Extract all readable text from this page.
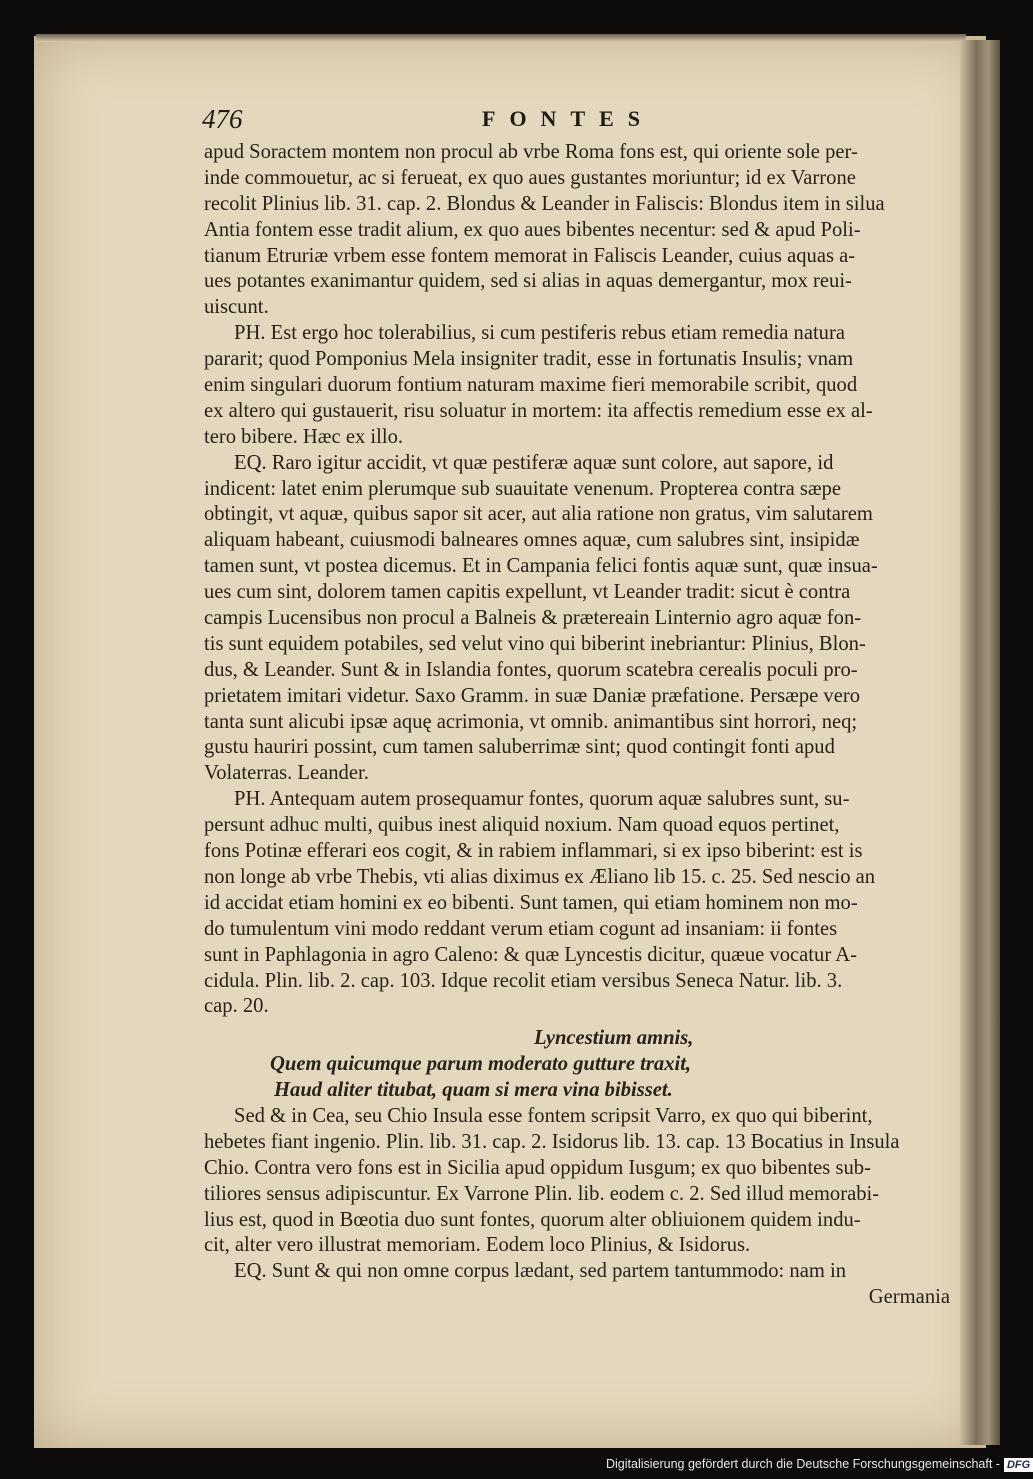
476	FONTES
apud Soractem montem non procul ab vrbe Roma fons est, qui oriente sole per-
inde commouetur, ac si ferueat, ex quo aues gustantes moriuntur; id ex Varrone
recolit Plinius lib. 31. cap. 2. Blondus & Leander in Faliscis: Blondus item in silua
Antia fontem esse tradit alium, ex quo aues bibentes necentur: sed & apud Poli-
tianum Etruriæ vrbem esse fontem memorat in Faliscis Leander, cuius aquas a-
ues potantes exanimantur quidem, sed si alias in aquas demergantur, mox reui-
uiscunt.
PH. Est ergo hoc tolerabilius, si cum pestiferis rebus etiam remedia natura
pararit; quod Pomponius Mela insigniter tradit, esse in fortunatis Insulis; vnam
enim singulari duorum fontium naturam maxime fieri memorabile scribit, quod
ex altero qui gustauerit, risu soluatur in mortem: ita affectis remedium esse ex al-
tero bibere. Hæc ex illo.
EQ. Raro igitur accidit, vt quæ pestiferæ aquæ sunt colore, aut sapore, id
indicent: latet enim plerumque sub suauitate venenum. Propterea contra sæpe
obtingit, vt aquæ, quibus sapor sit acer, aut alia ratione non gratus, vim salutarem
aliquam habeant, cuiusmodi balneares omnes aquæ, cum salubres sint, insipidæ
tamen sunt, vt postea dicemus. Et in Campania felici fontis aquæ sunt, quæ insua-
ues cum sint, dolorem tamen capitis expellunt, vt Leander tradit: sicut è contra
campis Lucensibus non procul a Balneis & prætereain Linternio agro aquæ fon-
tis sunt equidem potabiles, sed velut vino qui biberint inebriantur: Plinius, Blon-
dus, & Leander. Sunt & in Islandia fontes, quorum scatebra cerealis poculi pro-
prietatem imitari videtur. Saxo Gramm. in suæ Daniæ præfatione. Persæpe vero
tanta sunt alicubi ipsæ aquę acrimonia, vt omnib. animantibus sint horrori, neq;
gustu hauriri possint, cum tamen saluberrimæ sint; quod contingit fonti apud
Volaterras. Leander.
PH. Antequam autem prosequamur fontes, quorum aquæ salubres sunt, su-
persunt adhuc multi, quibus inest aliquid noxium. Nam quoad equos pertinet,
fons Potinæ efferari eos cogit, & in rabiem inflammari, si ex ipso biberint: est is
non longe ab vrbe Thebis, vti alias diximus ex Æliano lib 15. c. 25. Sed nescio an
id accidat etiam homini ex eo bibenti. Sunt tamen, qui etiam hominem non mo-
do tumulentum vini modo reddant verum etiam cogunt ad insaniam: ii fontes
sunt in Paphlagonia in agro Caleno: & quæ Lyncestis dicitur, quæue vocatur A-
cidula. Plin. lib. 2. cap. 103. Idque recolit etiam versibus Seneca Natur. lib. 3.
cap. 20.
Lyncestium amnis,
Quem quicumque parum moderato gutture traxit,
Haud aliter titubat, quam si mera vina bibisset.
Sed & in Cea, seu Chio Insula esse fontem scripsit Varro, ex quo qui biberint,
hebetes fiant ingenio. Plin. lib. 31. cap. 2. Isidorus lib. 13. cap. 13 Bocatius in Insula
Chio. Contra vero fons est in Sicilia apud oppidum Iusgum; ex quo bibentes sub-
tiliores sensus adipiscuntur. Ex Varrone Plin. lib. eodem c. 2. Sed illud memorabi-
lius est, quod in Bœotia duo sunt fontes, quorum alter obliuionem quidem indu-
cit, alter vero illustrat memoriam. Eodem loco Plinius, & Isidorus.
EQ. Sunt & qui non omne corpus lædant, sed partem tantummodo: nam in
Germania
Digitalisierung gefördert durch die Deutsche Forschungsgemeinschaft - DFG
